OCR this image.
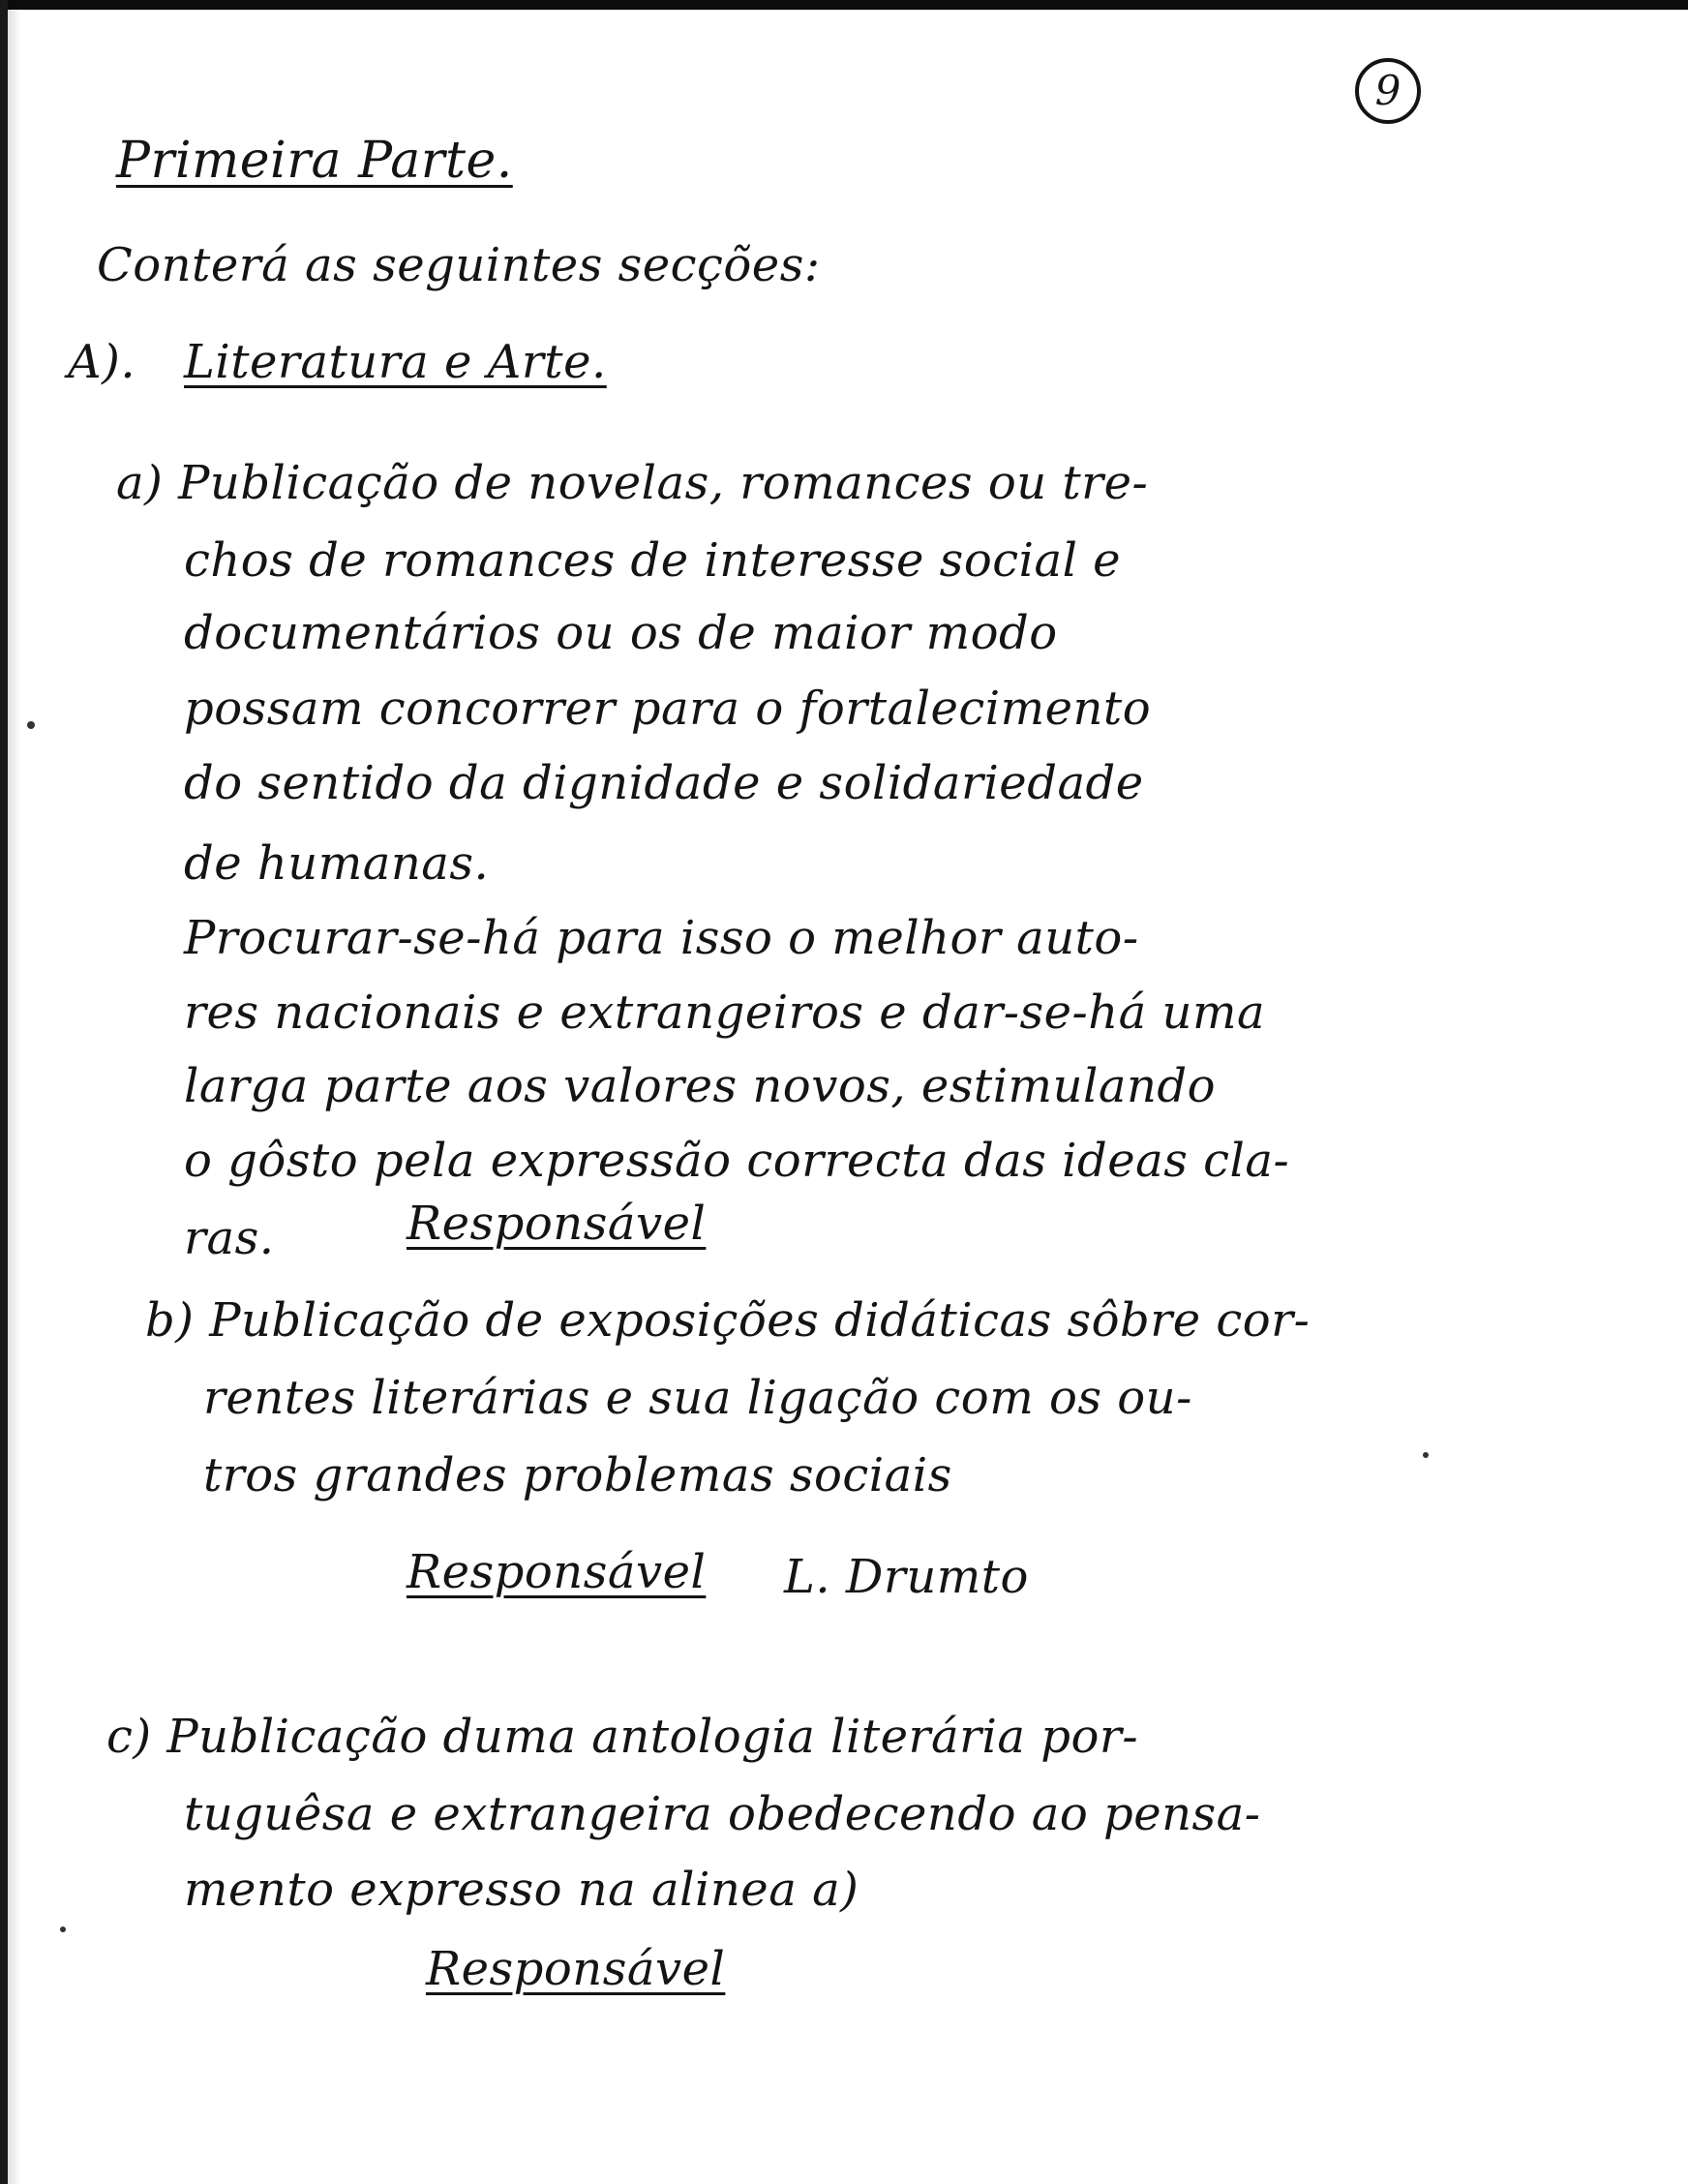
9
Primeira Parte.
Conterá as seguintes secções:
A). Literatura e Arte.
a) Publicação de novelas, romances ou tre-
chos de romances de interesse social e
documentários ou os de maior modo
possam concorrer para o fortalecimento
do sentido da dignidade e solidariedade
de humanas.
Procurar-se-há para isso o melhor auto-
res nacionais e extrangeiros e dar-se-há uma
larga parte aos valores novos, estimulando
o gôsto pela expressão correcta das ideas cla-
ras.	Responsável
b) Publicação de exposições didáticas sôbre cor-
rentes literárias e sua ligação com os ou-
tros grandes problemas sociais
Responsável L. Drumto
c) Publicação duma antologia literária por-
tuguêsa e extrangeira obedecendo ao pensa-
mento expresso na alinea a)
Responsável
